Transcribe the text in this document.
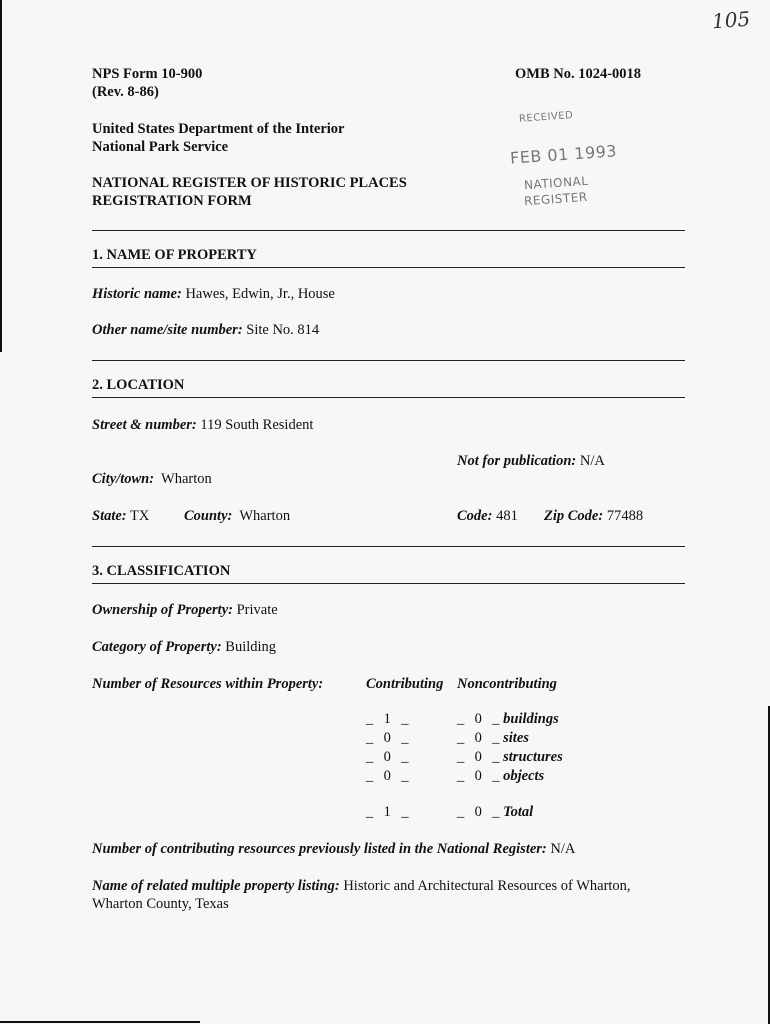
105
NPS Form 10-900
(Rev. 8-86)
OMB No. 1024-0018
United States Department of the Interior
National Park Service
NATIONAL REGISTER OF HISTORIC PLACES
REGISTRATION FORM
RECEIVED
FEB 01 1993
NATIONAL
REGISTER
1. NAME OF PROPERTY
Historic name: Hawes, Edwin, Jr., House
Other name/site number: Site No. 814
2. LOCATION
Street & number: 119 South Resident
Not for publication: N/A
City/town: Wharton
State: TX County: Wharton	Code: 481 Zip Code: 77488
3. CLASSIFICATION
Ownership of Property: Private
Category of Property: Building
Number of Resources within Property:	Contributing Noncontributing
_ 1 _	_ 0 _ buildings
_ 0 _	_ 0 _ sites
_ 0 _	_ 0 _ structures
_ 0 _	_ 0 _ objects
_ 1 _	_ 0 _ Total
Number of contributing resources previously listed in the National Register: N/A
Name of related multiple property listing: Historic and Architectural Resources of Wharton,
Wharton County, Texas
